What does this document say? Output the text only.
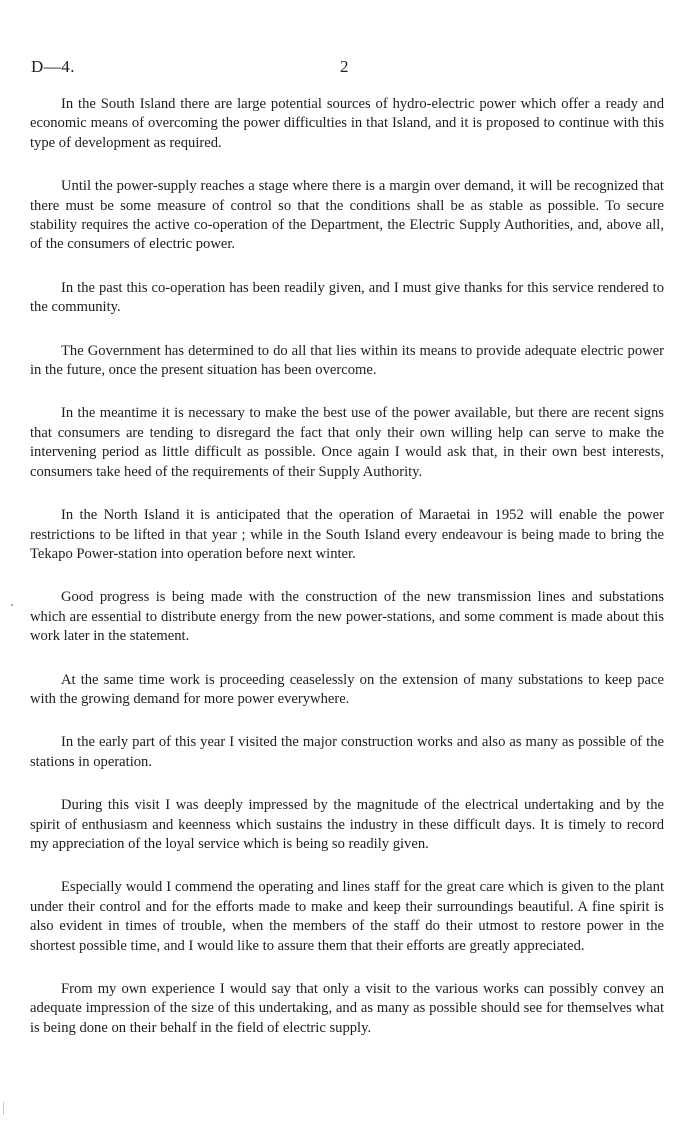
D—4.	2

In the South Island there are large potential sources of hydro-electric power which offer a ready and economic means of overcoming the power difficulties in that Island, and it is proposed to continue with this type of development as required.

Until the power-supply reaches a stage where there is a margin over demand, it will be recognized that there must be some measure of control so that the conditions shall be as stable as possible. To secure stability requires the active co-operation of the Department, the Electric Supply Authorities, and, above all, of the consumers of electric power.

In the past this co-operation has been readily given, and I must give thanks for this service rendered to the community.

The Government has determined to do all that lies within its means to provide adequate electric power in the future, once the present situation has been overcome.

In the meantime it is necessary to make the best use of the power available, but there are recent signs that consumers are tending to disregard the fact that only their own willing help can serve to make the intervening period as little difficult as possible. Once again I would ask that, in their own best interests, consumers take heed of the requirements of their Supply Authority.

In the North Island it is anticipated that the operation of Maraetai in 1952 will enable the power restrictions to be lifted in that year ; while in the South Island every endeavour is being made to bring the Tekapo Power-station into operation before next winter.

Good progress is being made with the construction of the new transmission lines and substations which are essential to distribute energy from the new power-stations, and some comment is made about this work later in the statement.

At the same time work is proceeding ceaselessly on the extension of many substations to keep pace with the growing demand for more power everywhere.

In the early part of this year I visited the major construction works and also as many as possible of the stations in operation.

During this visit I was deeply impressed by the magnitude of the electrical undertaking and by the spirit of enthusiasm and keenness which sustains the industry in these difficult days. It is timely to record my appreciation of the loyal service which is being so readily given.

Especially would I commend the operating and lines staff for the great care which is given to the plant under their control and for the efforts made to make and keep their surroundings beautiful. A fine spirit is also evident in times of trouble, when the members of the staff do their utmost to restore power in the shortest possible time, and I would like to assure them that their efforts are greatly appreciated.

From my own experience I would say that only a visit to the various works can possibly convey an adequate impression of the size of this undertaking, and as many as possible should see for themselves what is being done on their behalf in the field of electric supply.
